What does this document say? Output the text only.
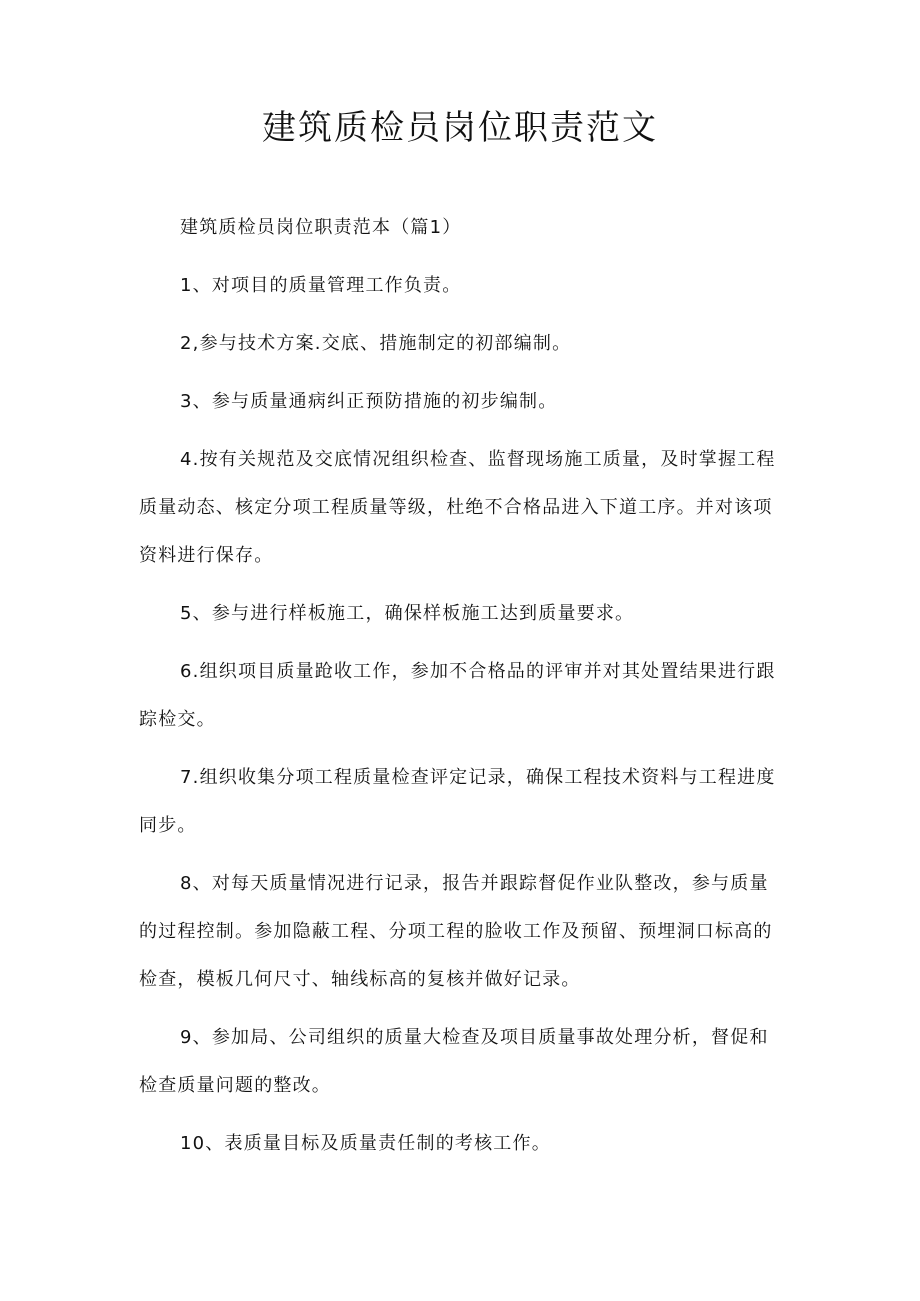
建筑质检员岗位职责范文

建筑质检员岗位职责范本（篇1）

1、对项目的质量管理工作负责。

2,参与技术方案.交底、措施制定的初部编制。

3、参与质量通病纠正预防措施的初步编制。

4.按有关规范及交底情况组织检查、监督现场施工质量，及时掌握工程质量动态、核定分项工程质量等级，杜绝不合格品进入下道工序。并对该项资料进行保存。

5、参与进行样板施工，确保样板施工达到质量要求。

6.组织项目质量跄收工作，参加不合格品的评审并对其处置结果进行跟踪检交。

7.组织收集分项工程质量检查评定记录，确保工程技术资料与工程进度同步。

8、对每天质量情况进行记录，报告并跟踪督促作业队整改，参与质量的过程控制。参加隐蔽工程、分项工程的脸收工作及预留、预埋洞口标高的检查，模板几何尺寸、轴线标高的复核并做好记录。

9、参加局、公司组织的质量大检查及项目质量事故处理分析，督促和检查质量问题的整改。

10、表质量目标及质量责任制的考核工作。
